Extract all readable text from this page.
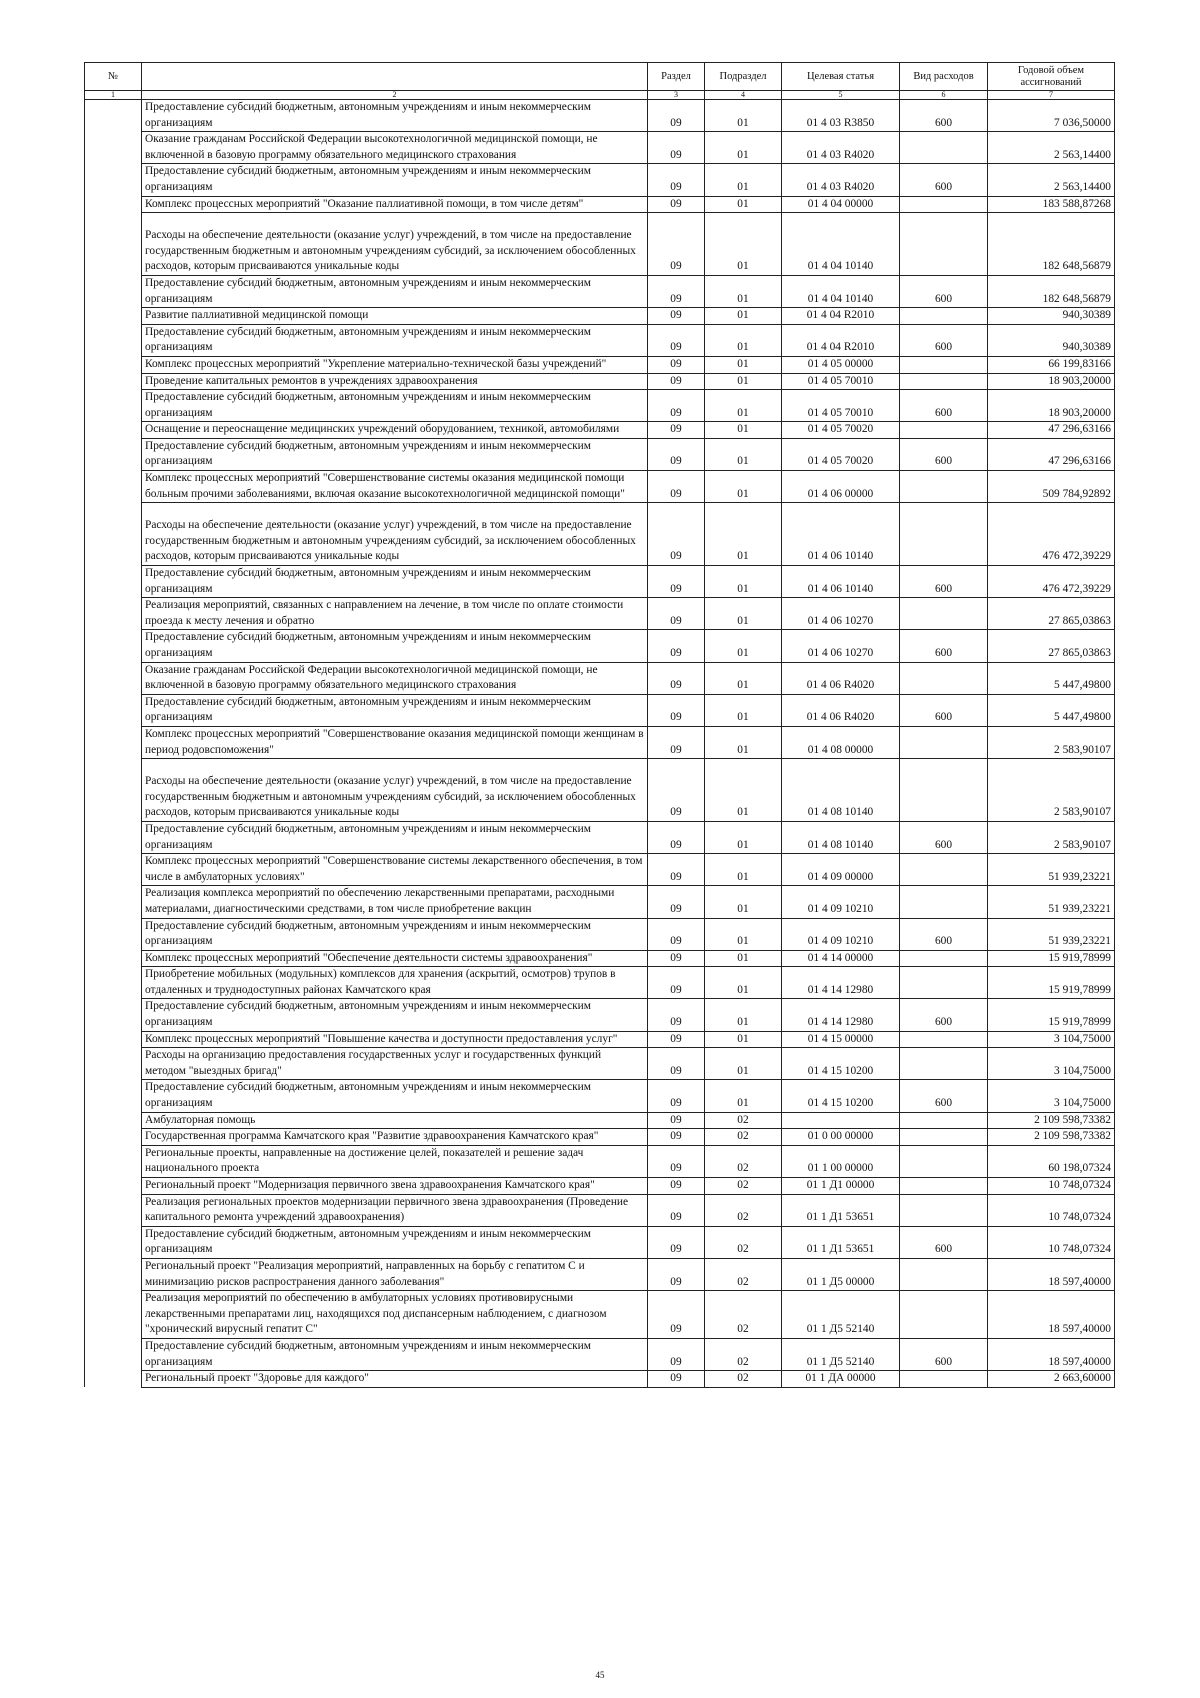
№		Раздел	Подраздел	Целевая статья	Вид расходов	Годовой объем ассигнований
1	2	3	4	5	6	7
	Предоставление субсидий бюджетным, автономным учреждениям и иным некоммерческим организациям	09	01	01 4 03 R3850	600	7 036,50000
	Оказание гражданам Российской Федерации высокотехнологичной медицинской помощи, не включенной в базовую программу обязательного медицинского страхования	09	01	01 4 03 R4020		2 563,14400
	Предоставление субсидий бюджетным, автономным учреждениям и иным некоммерческим организациям	09	01	01 4 03 R4020	600	2 563,14400
	Комплекс процессных мероприятий "Оказание паллиативной помощи, в том числе детям"	09	01	01 4 04 00000		183 588,87268
	Расходы на обеспечение деятельности (оказание услуг) учреждений, в том числе на предоставление государственным бюджетным и автономным учреждениям субсидий, за исключением обособленных расходов, которым присваиваются уникальные коды	09	01	01 4 04 10140		182 648,56879
	Предоставление субсидий бюджетным, автономным учреждениям и иным некоммерческим организациям	09	01	01 4 04 10140	600	182 648,56879
	Развитие паллиативной медицинской помощи	09	01	01 4 04 R2010		940,30389
	Предоставление субсидий бюджетным, автономным учреждениям и иным некоммерческим организациям	09	01	01 4 04 R2010	600	940,30389
	Комплекс процессных мероприятий "Укрепление материально-технической базы учреждений"	09	01	01 4 05 00000		66 199,83166
	Проведение капитальных ремонтов в учреждениях здравоохранения	09	01	01 4 05 70010		18 903,20000
	Предоставление субсидий бюджетным, автономным учреждениям и иным некоммерческим организациям	09	01	01 4 05 70010	600	18 903,20000
	Оснащение и переоснащение медицинских учреждений оборудованием, техникой, автомобилями	09	01	01 4 05 70020		47 296,63166
	Предоставление субсидий бюджетным, автономным учреждениям и иным некоммерческим организациям	09	01	01 4 05 70020	600	47 296,63166
	Комплекс процессных мероприятий "Совершенствование системы оказания медицинской помощи больным прочими заболеваниями, включая оказание высокотехнологичной медицинской помощи"	09	01	01 4 06 00000		509 784,92892
	Расходы на обеспечение деятельности (оказание услуг) учреждений, в том числе на предоставление государственным бюджетным и автономным учреждениям субсидий, за исключением обособленных расходов, которым присваиваются уникальные коды	09	01	01 4 06 10140		476 472,39229
	Предоставление субсидий бюджетным, автономным учреждениям и иным некоммерческим организациям	09	01	01 4 06 10140	600	476 472,39229
	Реализация мероприятий, связанных с направлением на лечение, в том числе по оплате стоимости проезда к месту лечения и обратно	09	01	01 4 06 10270		27 865,03863
	Предоставление субсидий бюджетным, автономным учреждениям и иным некоммерческим организациям	09	01	01 4 06 10270	600	27 865,03863
	Оказание гражданам Российской Федерации высокотехнологичной медицинской помощи, не включенной в базовую программу обязательного медицинского страхования	09	01	01 4 06 R4020		5 447,49800
	Предоставление субсидий бюджетным, автономным учреждениям и иным некоммерческим организациям	09	01	01 4 06 R4020	600	5 447,49800
	Комплекс процессных мероприятий "Совершенствование оказания медицинской помощи женщинам в период родовспоможения"	09	01	01 4 08 00000		2 583,90107
	Расходы на обеспечение деятельности (оказание услуг) учреждений, в том числе на предоставление государственным бюджетным и автономным учреждениям субсидий, за исключением обособленных расходов, которым присваиваются уникальные коды	09	01	01 4 08 10140		2 583,90107
	Предоставление субсидий бюджетным, автономным учреждениям и иным некоммерческим организациям	09	01	01 4 08 10140	600	2 583,90107
	Комплекс процессных мероприятий "Совершенствование системы лекарственного обеспечения, в том числе в амбулаторных условиях"	09	01	01 4 09 00000		51 939,23221
	Реализация комплекса мероприятий по обеспечению лекарственными препаратами, расходными материалами, диагностическими средствами, в том числе приобретение вакцин	09	01	01 4 09 10210		51 939,23221
	Предоставление субсидий бюджетным, автономным учреждениям и иным некоммерческим организациям	09	01	01 4 09 10210	600	51 939,23221
	Комплекс процессных мероприятий "Обеспечение деятельности системы здравоохранения"	09	01	01 4 14 00000		15 919,78999
	Приобретение мобильных (модульных) комплексов для хранения (аскрытий, осмотров) трупов в отдаленных и труднодоступных районах Камчатского края	09	01	01 4 14 12980		15 919,78999
	Предоставление субсидий бюджетным, автономным учреждениям и иным некоммерческим организациям	09	01	01 4 14 12980	600	15 919,78999
	Комплекс процессных мероприятий "Повышение качества и доступности предоставления услуг"	09	01	01 4 15 00000		3 104,75000
	Расходы на организацию предоставления государственных услуг и государственных функций методом "выездных бригад"	09	01	01 4 15 10200		3 104,75000
	Предоставление субсидий бюджетным, автономным учреждениям и иным некоммерческим организациям	09	01	01 4 15 10200	600	3 104,75000
	Амбулаторная помощь	09	02			2 109 598,73382
	Государственная программа Камчатского края "Развитие здравоохранения Камчатского края"	09	02	01 0 00 00000		2 109 598,73382
	Региональные проекты, направленные на достижение целей, показателей и решение задач национального проекта	09	02	01 1 00 00000		60 198,07324
	Региональный проект "Модернизация первичного звена здравоохранения Камчатского края"	09	02	01 1 Д1 00000		10 748,07324
	Реализация региональных проектов модернизации первичного звена здравоохранения (Проведение капитального ремонта учреждений здравоохранения)	09	02	01 1 Д1 53651		10 748,07324
	Предоставление субсидий бюджетным, автономным учреждениям и иным некоммерческим организациям	09	02	01 1 Д1 53651	600	10 748,07324
	Региональный проект "Реализация мероприятий, направленных на борьбу с гепатитом С и минимизацию рисков распространения данного заболевания"	09	02	01 1 Д5 00000		18 597,40000
	Реализация мероприятий по обеспечению в амбулаторных условиях противовирусными лекарственными препаратами лиц, находящихся под диспансерным наблюдением, с диагнозом "хронический вирусный гепатит С"	09	02	01 1 Д5 52140		18 597,40000
	Предоставление субсидий бюджетным, автономным учреждениям и иным некоммерческим организациям	09	02	01 1 Д5 52140	600	18 597,40000
	Региональный проект "Здоровье для каждого"	09	02	01 1 ДА 00000		2 663,60000
45
